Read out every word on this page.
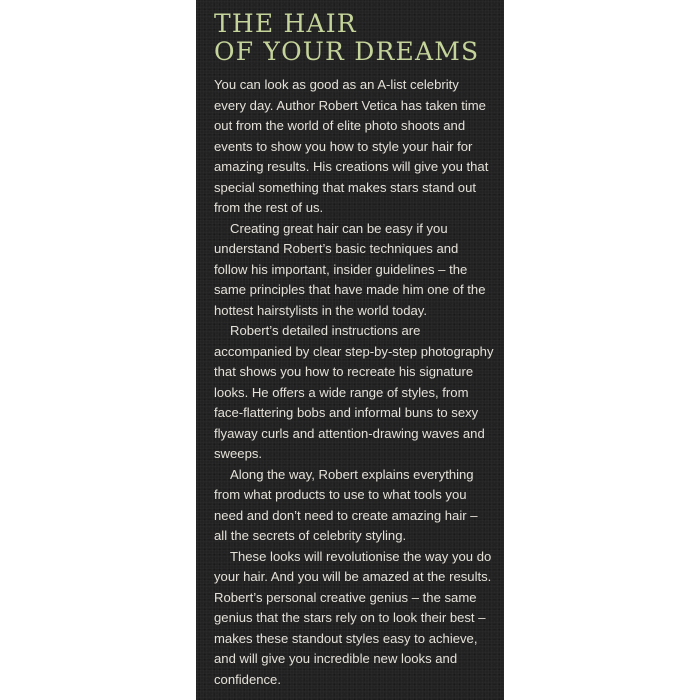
THE HAIR
OF YOUR DREAMS

You can look as good as an A-list celebrity every day. Author Robert Vetica has taken time out from the world of elite photo shoots and events to show you how to style your hair for amazing results. His creations will give you that special something that makes stars stand out from the rest of us.

Creating great hair can be easy if you understand Robert’s basic techniques and follow his important, insider guidelines – the same principles that have made him one of the hottest hairstylists in the world today.

Robert’s detailed instructions are accompanied by clear step-by-step photography that shows you how to recreate his signature looks. He offers a wide range of styles, from face-flattering bobs and informal buns to sexy flyaway curls and attention-drawing waves and sweeps.

Along the way, Robert explains everything from what products to use to what tools you need and don’t need to create amazing hair – all the secrets of celebrity styling.

These looks will revolutionise the way you do your hair. And you will be amazed at the results. Robert’s personal creative genius – the same genius that the stars rely on to look their best – makes these standout styles easy to achieve, and will give you incredible new looks and confidence.
